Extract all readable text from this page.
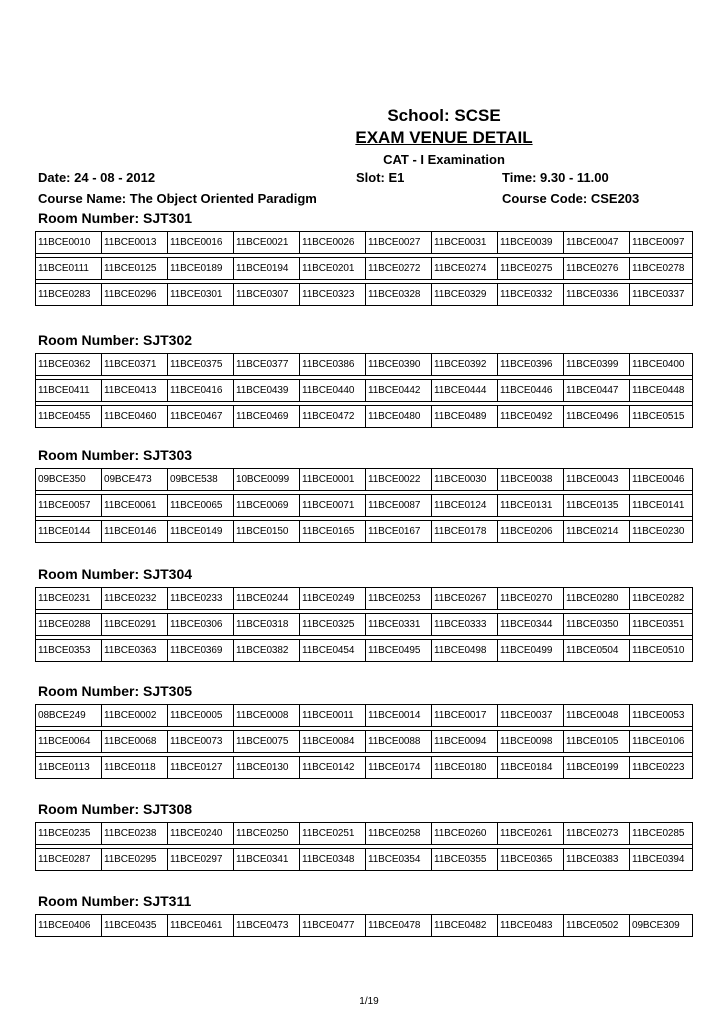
School: SCSE
EXAM VENUE DETAIL
CAT - I Examination
Date: 24 - 08 - 2012	Slot: E1	Time: 9.30 - 11.00
Course Name: The Object Oriented Paradigm	Course Code: CSE203
Room Number: SJT301
11BCE0010	11BCE0013	11BCE0016	11BCE0021	11BCE0026	11BCE0027	11BCE0031	11BCE0039	11BCE0047	11BCE0097

11BCE0111	11BCE0125	11BCE0189	11BCE0194	11BCE0201	11BCE0272	11BCE0274	11BCE0275	11BCE0276	11BCE0278

11BCE0283	11BCE0296	11BCE0301	11BCE0307	11BCE0323	11BCE0328	11BCE0329	11BCE0332	11BCE0336	11BCE0337
Room Number: SJT302
11BCE0362	11BCE0371	11BCE0375	11BCE0377	11BCE0386	11BCE0390	11BCE0392	11BCE0396	11BCE0399	11BCE0400

11BCE0411	11BCE0413	11BCE0416	11BCE0439	11BCE0440	11BCE0442	11BCE0444	11BCE0446	11BCE0447	11BCE0448

11BCE0455	11BCE0460	11BCE0467	11BCE0469	11BCE0472	11BCE0480	11BCE0489	11BCE0492	11BCE0496	11BCE0515
Room Number: SJT303
09BCE350	09BCE473	09BCE538	10BCE0099	11BCE0001	11BCE0022	11BCE0030	11BCE0038	11BCE0043	11BCE0046

11BCE0057	11BCE0061	11BCE0065	11BCE0069	11BCE0071	11BCE0087	11BCE0124	11BCE0131	11BCE0135	11BCE0141

11BCE0144	11BCE0146	11BCE0149	11BCE0150	11BCE0165	11BCE0167	11BCE0178	11BCE0206	11BCE0214	11BCE0230
Room Number: SJT304
11BCE0231	11BCE0232	11BCE0233	11BCE0244	11BCE0249	11BCE0253	11BCE0267	11BCE0270	11BCE0280	11BCE0282

11BCE0288	11BCE0291	11BCE0306	11BCE0318	11BCE0325	11BCE0331	11BCE0333	11BCE0344	11BCE0350	11BCE0351

11BCE0353	11BCE0363	11BCE0369	11BCE0382	11BCE0454	11BCE0495	11BCE0498	11BCE0499	11BCE0504	11BCE0510
Room Number: SJT305
08BCE249	11BCE0002	11BCE0005	11BCE0008	11BCE0011	11BCE0014	11BCE0017	11BCE0037	11BCE0048	11BCE0053

11BCE0064	11BCE0068	11BCE0073	11BCE0075	11BCE0084	11BCE0088	11BCE0094	11BCE0098	11BCE0105	11BCE0106

11BCE0113	11BCE0118	11BCE0127	11BCE0130	11BCE0142	11BCE0174	11BCE0180	11BCE0184	11BCE0199	11BCE0223
Room Number: SJT308
11BCE0235	11BCE0238	11BCE0240	11BCE0250	11BCE0251	11BCE0258	11BCE0260	11BCE0261	11BCE0273	11BCE0285

11BCE0287	11BCE0295	11BCE0297	11BCE0341	11BCE0348	11BCE0354	11BCE0355	11BCE0365	11BCE0383	11BCE0394
Room Number: SJT311
11BCE0406	11BCE0435	11BCE0461	11BCE0473	11BCE0477	11BCE0478	11BCE0482	11BCE0483	11BCE0502	09BCE309
1/19
